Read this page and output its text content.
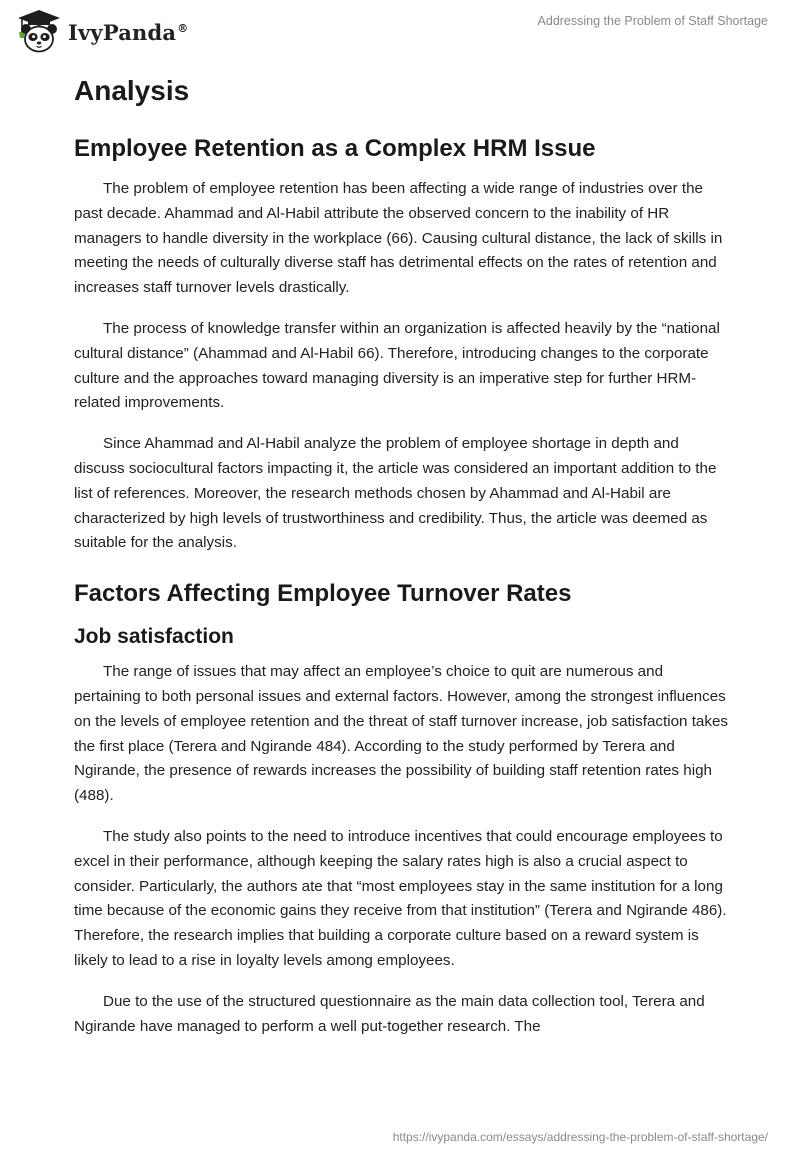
IvyPanda®	Addressing the Problem of Staff Shortage
Analysis
Employee Retention as a Complex HRM Issue

The problem of employee retention has been affecting a wide range of industries over the past decade. Ahammad and Al-Habil attribute the observed concern to the inability of HR managers to handle diversity in the workplace (66). Causing cultural distance, the lack of skills in meeting the needs of culturally diverse staff has detrimental effects on the rates of retention and increases staff turnover levels drastically.

The process of knowledge transfer within an organization is affected heavily by the “national cultural distance” (Ahammad and Al-Habil 66). Therefore, introducing changes to the corporate culture and the approaches toward managing diversity is an imperative step for further HRM-related improvements.

Since Ahammad and Al-Habil analyze the problem of employee shortage in depth and discuss sociocultural factors impacting it, the article was considered an important addition to the list of references. Moreover, the research methods chosen by Ahammad and Al-Habil are characterized by high levels of trustworthiness and credibility. Thus, the article was deemed as suitable for the analysis.

Factors Affecting Employee Turnover Rates
Job satisfaction

The range of issues that may affect an employee’s choice to quit are numerous and pertaining to both personal issues and external factors. However, among the strongest influences on the levels of employee retention and the threat of staff turnover increase, job satisfaction takes the first place (Terera and Ngirande 484). According to the study performed by Terera and Ngirande, the presence of rewards increases the possibility of building staff retention rates high (488).

The study also points to the need to introduce incentives that could encourage employees to excel in their performance, although keeping the salary rates high is also a crucial aspect to consider. Particularly, the authors ate that “most employees stay in the same institution for a long time because of the economic gains they receive from that institution” (Terera and Ngirande 486). Therefore, the research implies that building a corporate culture based on a reward system is likely to lead to a rise in loyalty levels among employees.

Due to the use of the structured questionnaire as the main data collection tool, Terera and Ngirande have managed to perform a well put-together research. The

https://ivypanda.com/essays/addressing-the-problem-of-staff-shortage/
